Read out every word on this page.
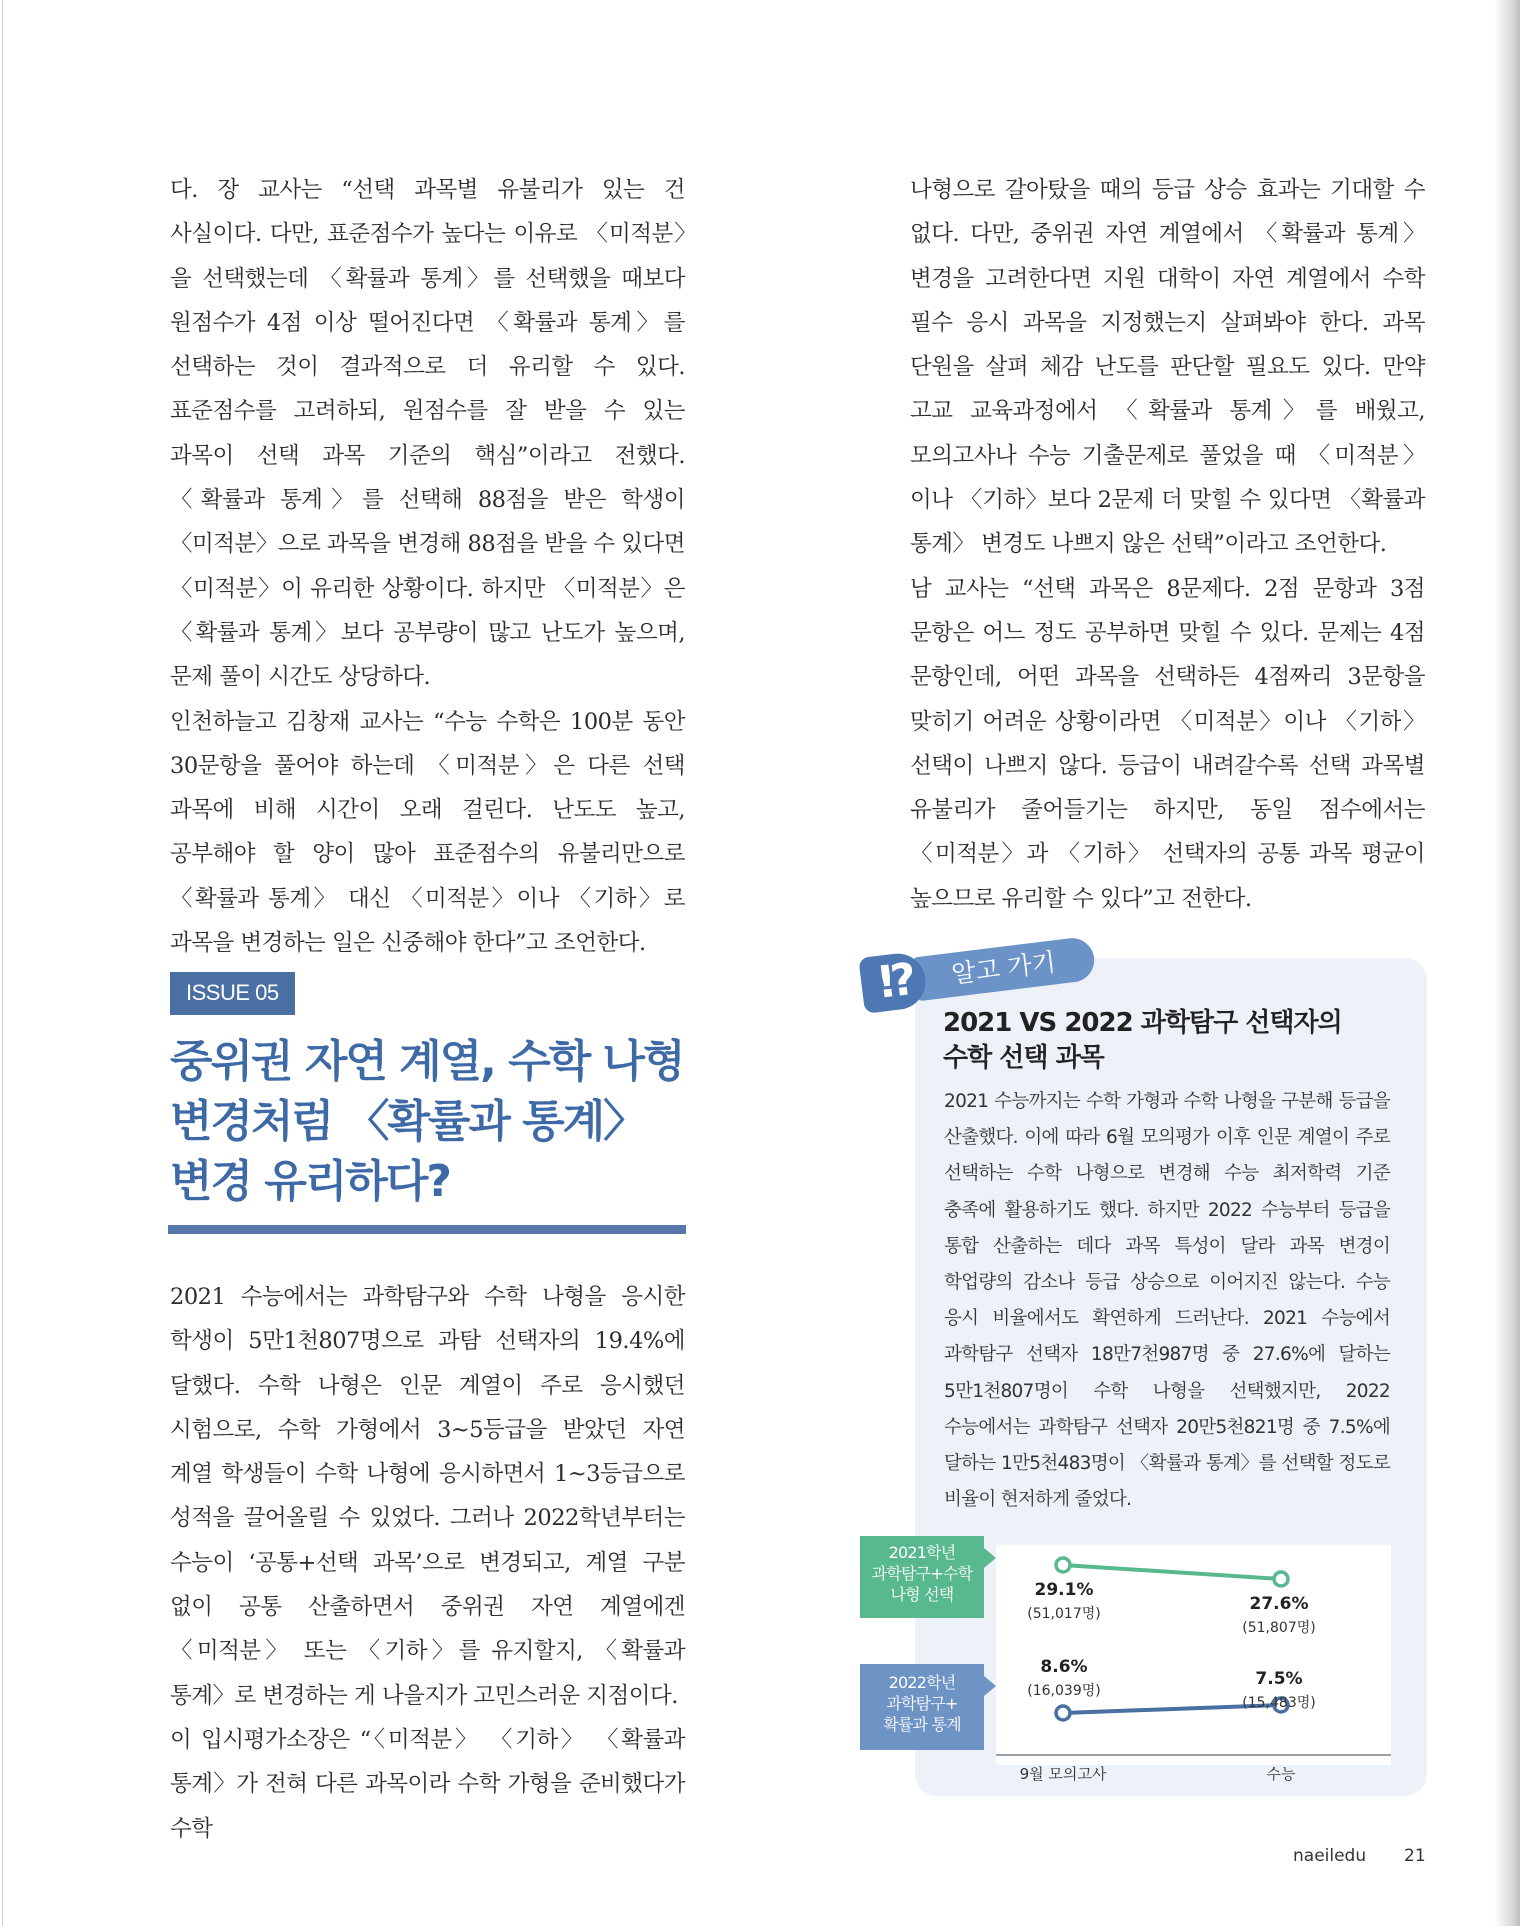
다. 장 교사는 “선택 과목별 유불리가 있는 건 사실이다. 다만, 표준점수가 높다는 이유로 〈미적분〉을 선택했는데 〈확률과 통계〉를 선택했을 때보다 원점수가 4점 이상 떨어진다면 〈확률과 통계〉를 선택하는 것이 결과적으로 더 유리할 수 있다. 표준점수를 고려하되, 원점수를 잘 받을 수 있는 과목이 선택 과목 기준의 핵심”이라고 전했다. 〈확률과 통계〉를 선택해 88점을 받은 학생이 〈미적분〉으로 과목을 변경해 88점을 받을 수 있다면 〈미적분〉이 유리한 상황이다. 하지만 〈미적분〉은 〈확률과 통계〉보다 공부량이 많고 난도가 높으며, 문제 풀이 시간도 상당하다.

인천하늘고 김창재 교사는 “수능 수학은 100분 동안 30문항을 풀어야 하는데 〈미적분〉은 다른 선택 과목에 비해 시간이 오래 걸린다. 난도도 높고, 공부해야 할 양이 많아 표준점수의 유불리만으로 〈확률과 통계〉 대신 〈미적분〉이나 〈기하〉로 과목을 변경하는 일은 신중해야 한다”고 조언한다.

ISSUE 05
중위권 자연 계열, 수학 나형
변경처럼 〈확률과 통계〉
변경 유리하다?

2021 수능에서는 과학탐구와 수학 나형을 응시한 학생이 5만1천807명으로 과탐 선택자의 19.4%에 달했다. 수학 나형은 인문 계열이 주로 응시했던 시험으로, 수학 가형에서 3~5등급을 받았던 자연 계열 학생들이 수학 나형에 응시하면서 1~3등급으로 성적을 끌어올릴 수 있었다. 그러나 2022학년부터는 수능이 ‘공통+선택 과목’으로 변경되고, 계열 구분 없이 공통 산출하면서 중위권 자연 계열에겐 〈미적분〉 또는 〈기하〉를 유지할지, 〈확률과 통계〉로 변경하는 게 나을지가 고민스러운 지점이다.

이 입시평가소장은 “〈미적분〉 〈기하〉 〈확률과 통계〉가 전혀 다른 과목이라 수학 가형을 준비했다가 수학

나형으로 갈아탔을 때의 등급 상승 효과는 기대할 수 없다. 다만, 중위권 자연 계열에서 〈확률과 통계〉 변경을 고려한다면 지원 대학이 자연 계열에서 수학 필수 응시 과목을 지정했는지 살펴봐야 한다. 과목 단원을 살펴 체감 난도를 판단할 필요도 있다. 만약 고교 교육과정에서 〈확률과 통계〉를 배웠고, 모의고사나 수능 기출문제로 풀었을 때 〈미적분〉이나 〈기하〉보다 2문제 더 맞힐 수 있다면 〈확률과 통계〉 변경도 나쁘지 않은 선택”이라고 조언한다.

남 교사는 “선택 과목은 8문제다. 2점 문항과 3점 문항은 어느 정도 공부하면 맞힐 수 있다. 문제는 4점 문항인데, 어떤 과목을 선택하든 4점짜리 3문항을 맞히기 어려운 상황이라면 〈미적분〉이나 〈기하〉 선택이 나쁘지 않다. 등급이 내려갈수록 선택 과목별 유불리가 줄어들기는 하지만, 동일 점수에서는 〈미적분〉과 〈기하〉 선택자의 공통 과목 평균이 높으므로 유리할 수 있다”고 전한다.

알고 가기
!?
2021 VS 2022 과학탐구 선택자의
수학 선택 과목
2021 수능까지는 수학 가형과 수학 나형을 구분해 등급을 산출했다. 이에 따라 6월 모의평가 이후 인문 계열이 주로 선택하는 수학 나형으로 변경해 수능 최저학력 기준 충족에 활용하기도 했다. 하지만 2022 수능부터 등급을 통합 산출하는 데다 과목 특성이 달라 과목 변경이 학업량의 감소나 등급 상승으로 이어지진 않는다. 수능 응시 비율에서도 확연하게 드러난다. 2021 수능에서 과학탐구 선택자 18만7천987명 중 27.6%에 달하는 5만1천807명이 수학 나형을 선택했지만, 2022 수능에서는 과학탐구 선택자 20만5천821명 중 7.5%에 달하는 1만5천483명이 〈확률과 통계〉를 선택할 정도로 비율이 현저하게 줄었다.
2021학년
과학탐구+수학
나형 선택
2022학년
과학탐구+
확률과 통계
29.1%
(51,017명)	27.6%
(51,807명)
8.6%
(16,039명)
7.5%
(15,483명)
9월 모의고사	수능
naeiledu 21
